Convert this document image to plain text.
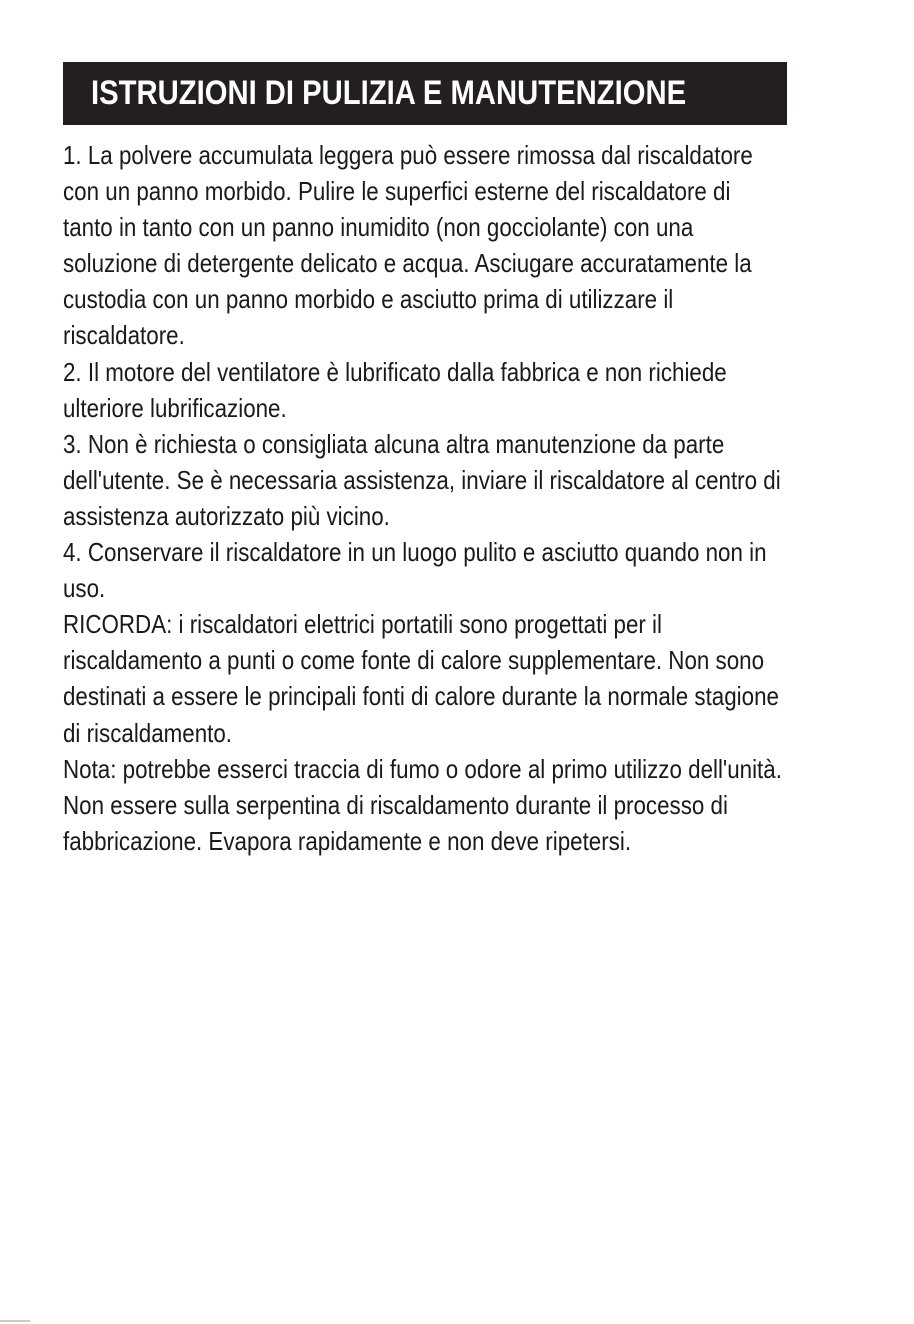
ISTRUZIONI DI PULIZIA E MANUTENZIONE
1. La polvere accumulata leggera può essere rimossa dal riscaldatore
con un panno morbido. Pulire le superfici esterne del riscaldatore di
tanto in tanto con un panno inumidito (non gocciolante) con una
soluzione di detergente delicato e acqua. Asciugare accuratamente la
custodia con un panno morbido e asciutto prima di utilizzare il
riscaldatore.
2. Il motore del ventilatore è lubrificato dalla fabbrica e non richiede
ulteriore lubrificazione.
3. Non è richiesta o consigliata alcuna altra manutenzione da parte
dell'utente. Se è necessaria assistenza, inviare il riscaldatore al centro di
assistenza autorizzato più vicino.
4. Conservare il riscaldatore in un luogo pulito e asciutto quando non in
uso.
RICORDA: i riscaldatori elettrici portatili sono progettati per il
riscaldamento a punti o come fonte di calore supplementare. Non sono
destinati a essere le principali fonti di calore durante la normale stagione
di riscaldamento.
Nota: potrebbe esserci traccia di fumo o odore al primo utilizzo dell'unità.
Non essere sulla serpentina di riscaldamento durante il processo di
fabbricazione. Evapora rapidamente e non deve ripetersi.
